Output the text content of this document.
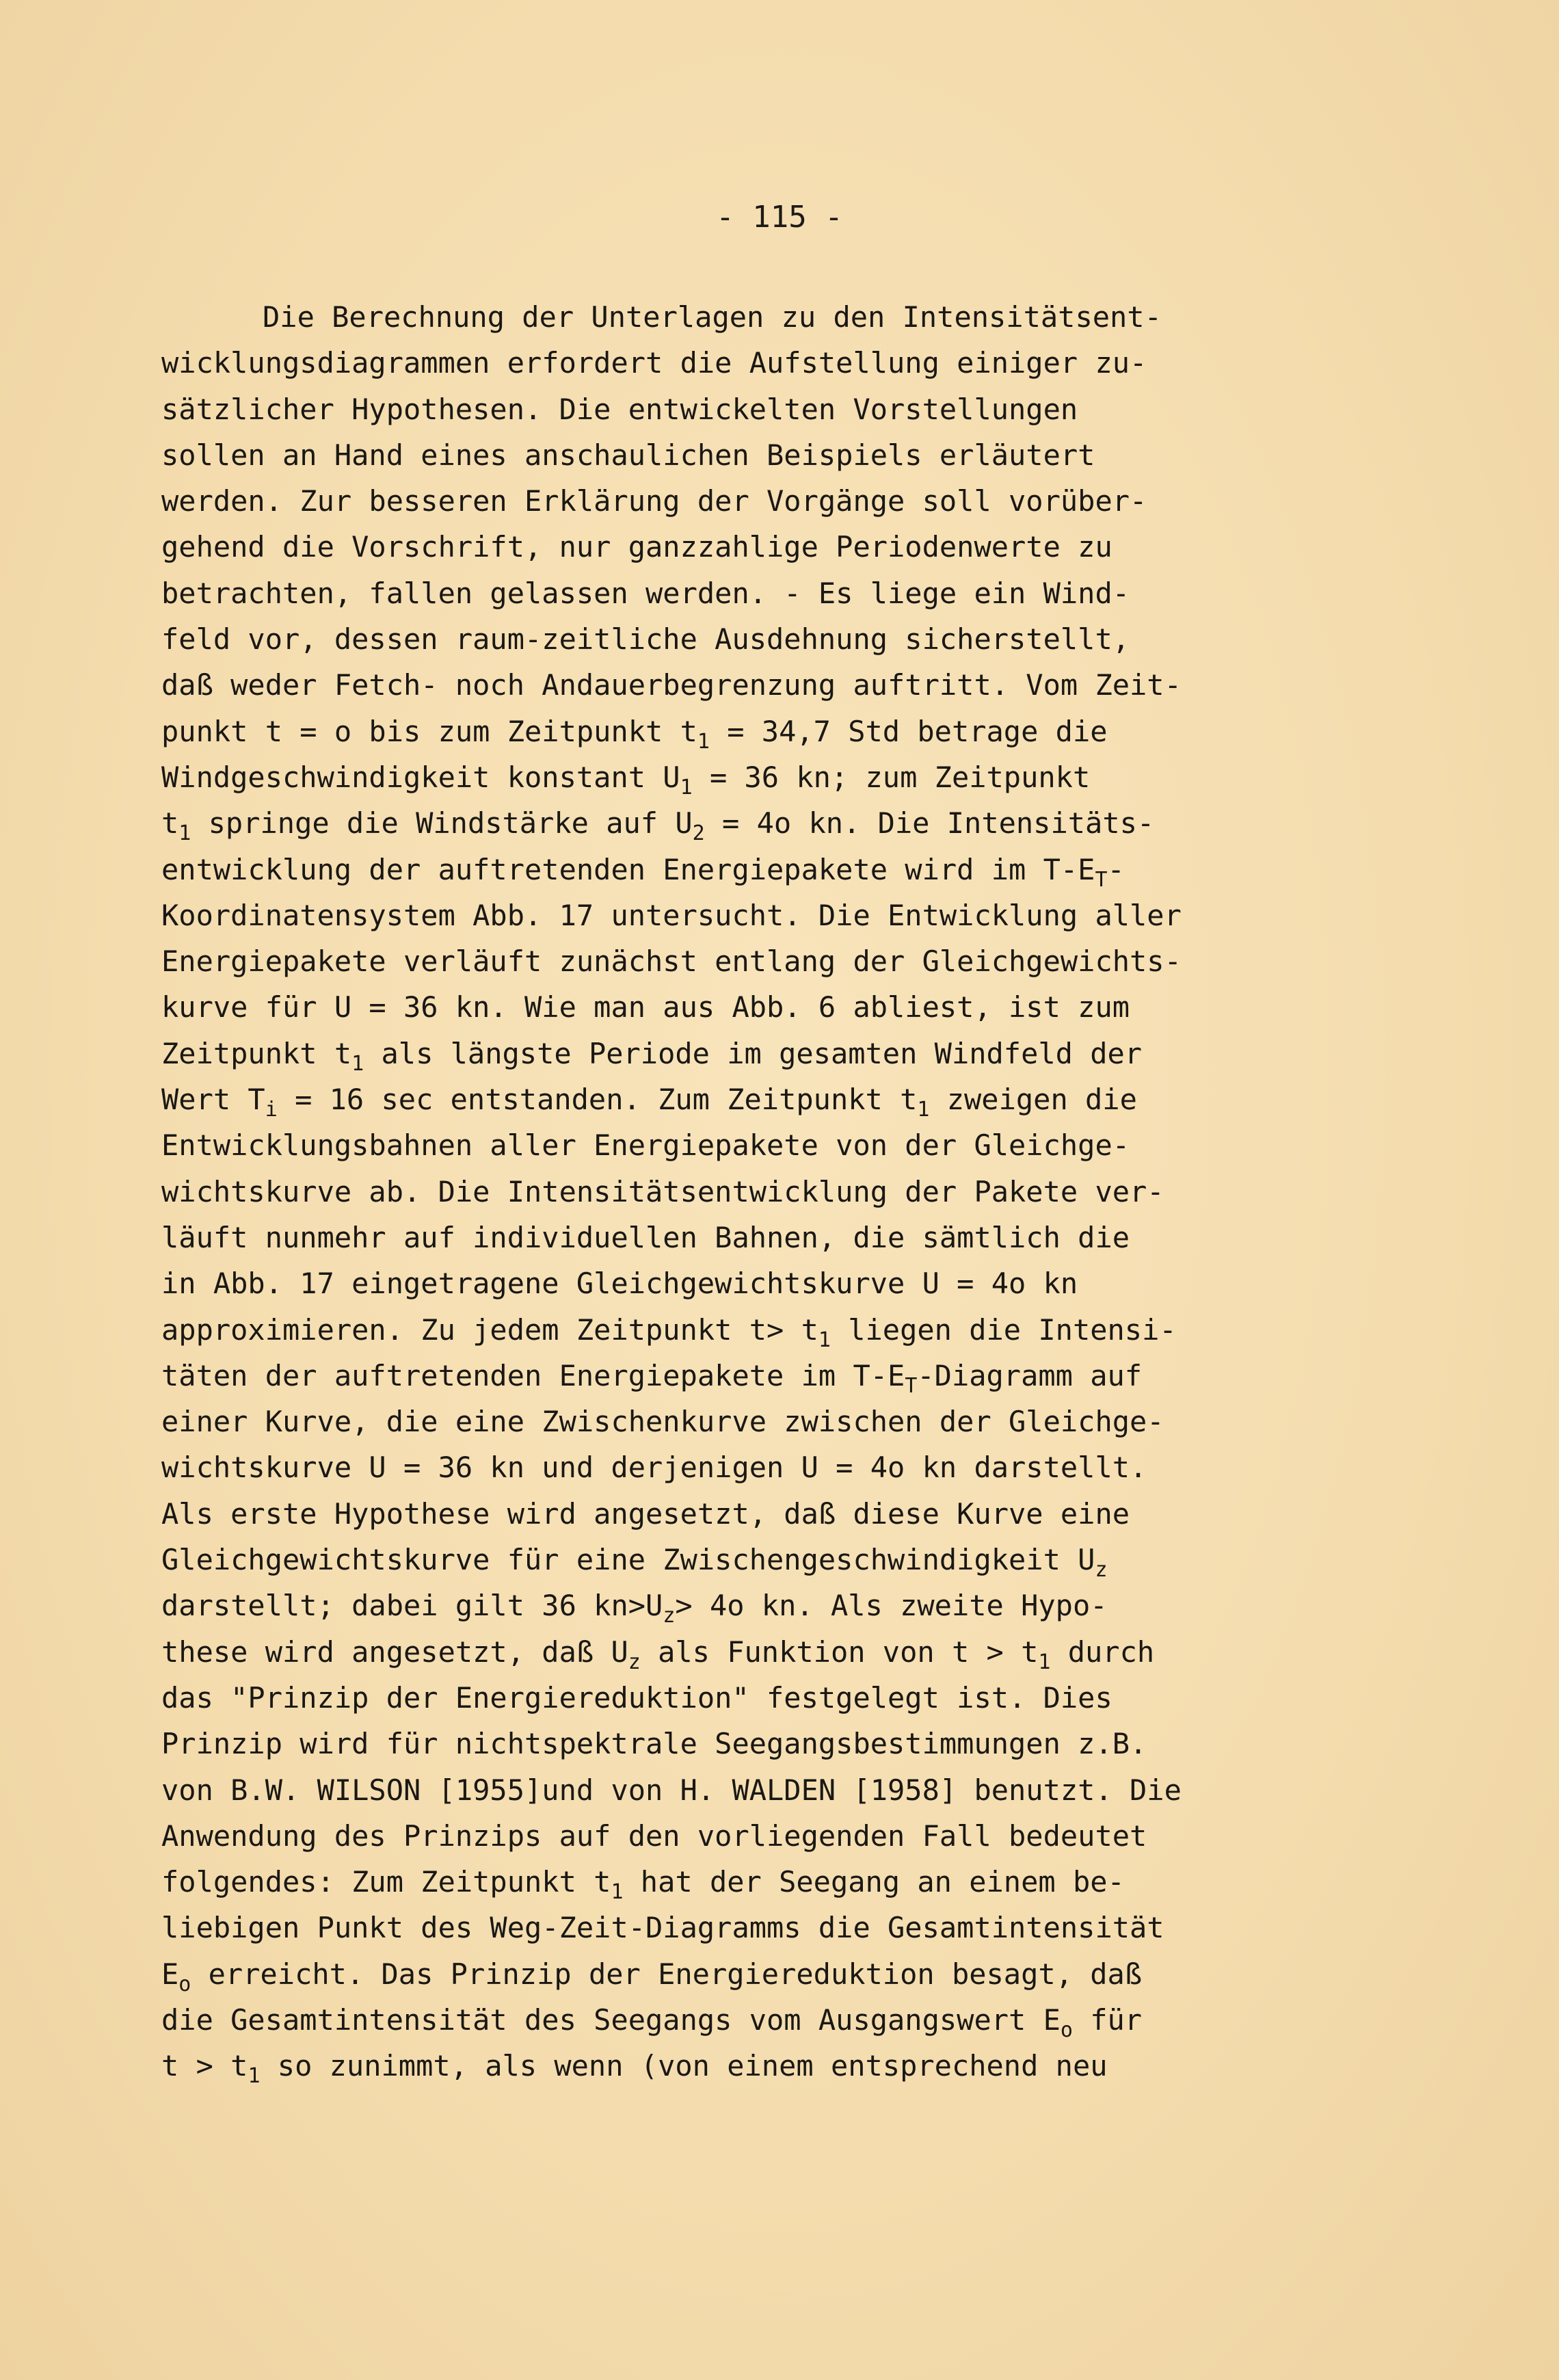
- 115 -
Die Berechnung der Unterlagen zu den Intensitätsent-
wicklungsdiagrammen erfordert die Aufstellung einiger zu-
sätzlicher Hypothesen. Die entwickelten Vorstellungen
sollen an Hand eines anschaulichen Beispiels erläutert
werden. Zur besseren Erklärung der Vorgänge soll vorüber-
gehend die Vorschrift, nur ganzzahlige Periodenwerte zu
betrachten, fallen gelassen werden. - Es liege ein Wind-
feld vor, dessen raum-zeitliche Ausdehnung sicherstellt,
daß weder Fetch- noch Andauerbegrenzung auftritt. Vom Zeit-
punkt t = o bis zum Zeitpunkt $t_1 = 34,7$ Std betrage die
Windgeschwindigkeit konstant $U_1 = 36$ kn; zum Zeitpunkt
$t_1$ springe die Windstärke auf $U_2 = 4o$ kn. Die Intensitäts-
entwicklung der auftretenden Energiepakete wird im $T-E_T-$
Koordinatensystem Abb. 17 untersucht. Die Entwicklung aller
Energiepakete verläuft zunächst entlang der Gleichgewichts-
kurve für U = 36 kn. Wie man aus Abb. 6 abliest, ist zum
Zeitpunkt $t_1$ als längste Periode im gesamten Windfeld der
Wert $T_i = 16$ sec entstanden. Zum Zeitpunkt $t_1$ zweigen die
Entwicklungsbahnen aller Energiepakete von der Gleichge-
wichtskurve ab. Die Intensitätsentwicklung der Pakete ver-
läuft nunmehr auf individuellen Bahnen, die sämtlich die
in Abb. 17 eingetragene Gleichgewichtskurve U = 4o kn
approximieren. Zu jedem Zeitpunkt $t> t_1$ liegen die Intensi-
täten der auftretenden Energiepakete im $T-E_T$-Diagramm auf
einer Kurve, die eine Zwischenkurve zwischen der Gleichge-
wichtskurve U = 36 kn und derjenigen U = 4o kn darstellt.
Als erste Hypothese wird angesetzt, daß diese Kurve eine
Gleichgewichtskurve für eine Zwischengeschwindigkeit $U_z$
darstellt; dabei gilt 36 $kn>U_z> 4o$ kn. Als zweite Hypo-
these wird angesetzt, daß $U_z$ als Funktion von $t > t_1$ durch
das "Prinzip der Energiereduktion" festgelegt ist. Dies
Prinzip wird für nichtspektrale Seegangsbestimmungen z.B.
von B.W. WILSON [1955]und von H. WALDEN [1958] benutzt. Die
Anwendung des Prinzips auf den vorliegenden Fall bedeutet
folgendes: Zum Zeitpunkt $t_1$ hat der Seegang an einem be-
liebigen Punkt des Weg-Zeit-Diagramms die Gesamtintensität
$E_o$ erreicht. Das Prinzip der Energiereduktion besagt, daß
die Gesamtintensität des Seegangs vom Ausgangswert $E_o$ für
$t > t_1$ so zunimmt, als wenn (von einem entsprechend neu
